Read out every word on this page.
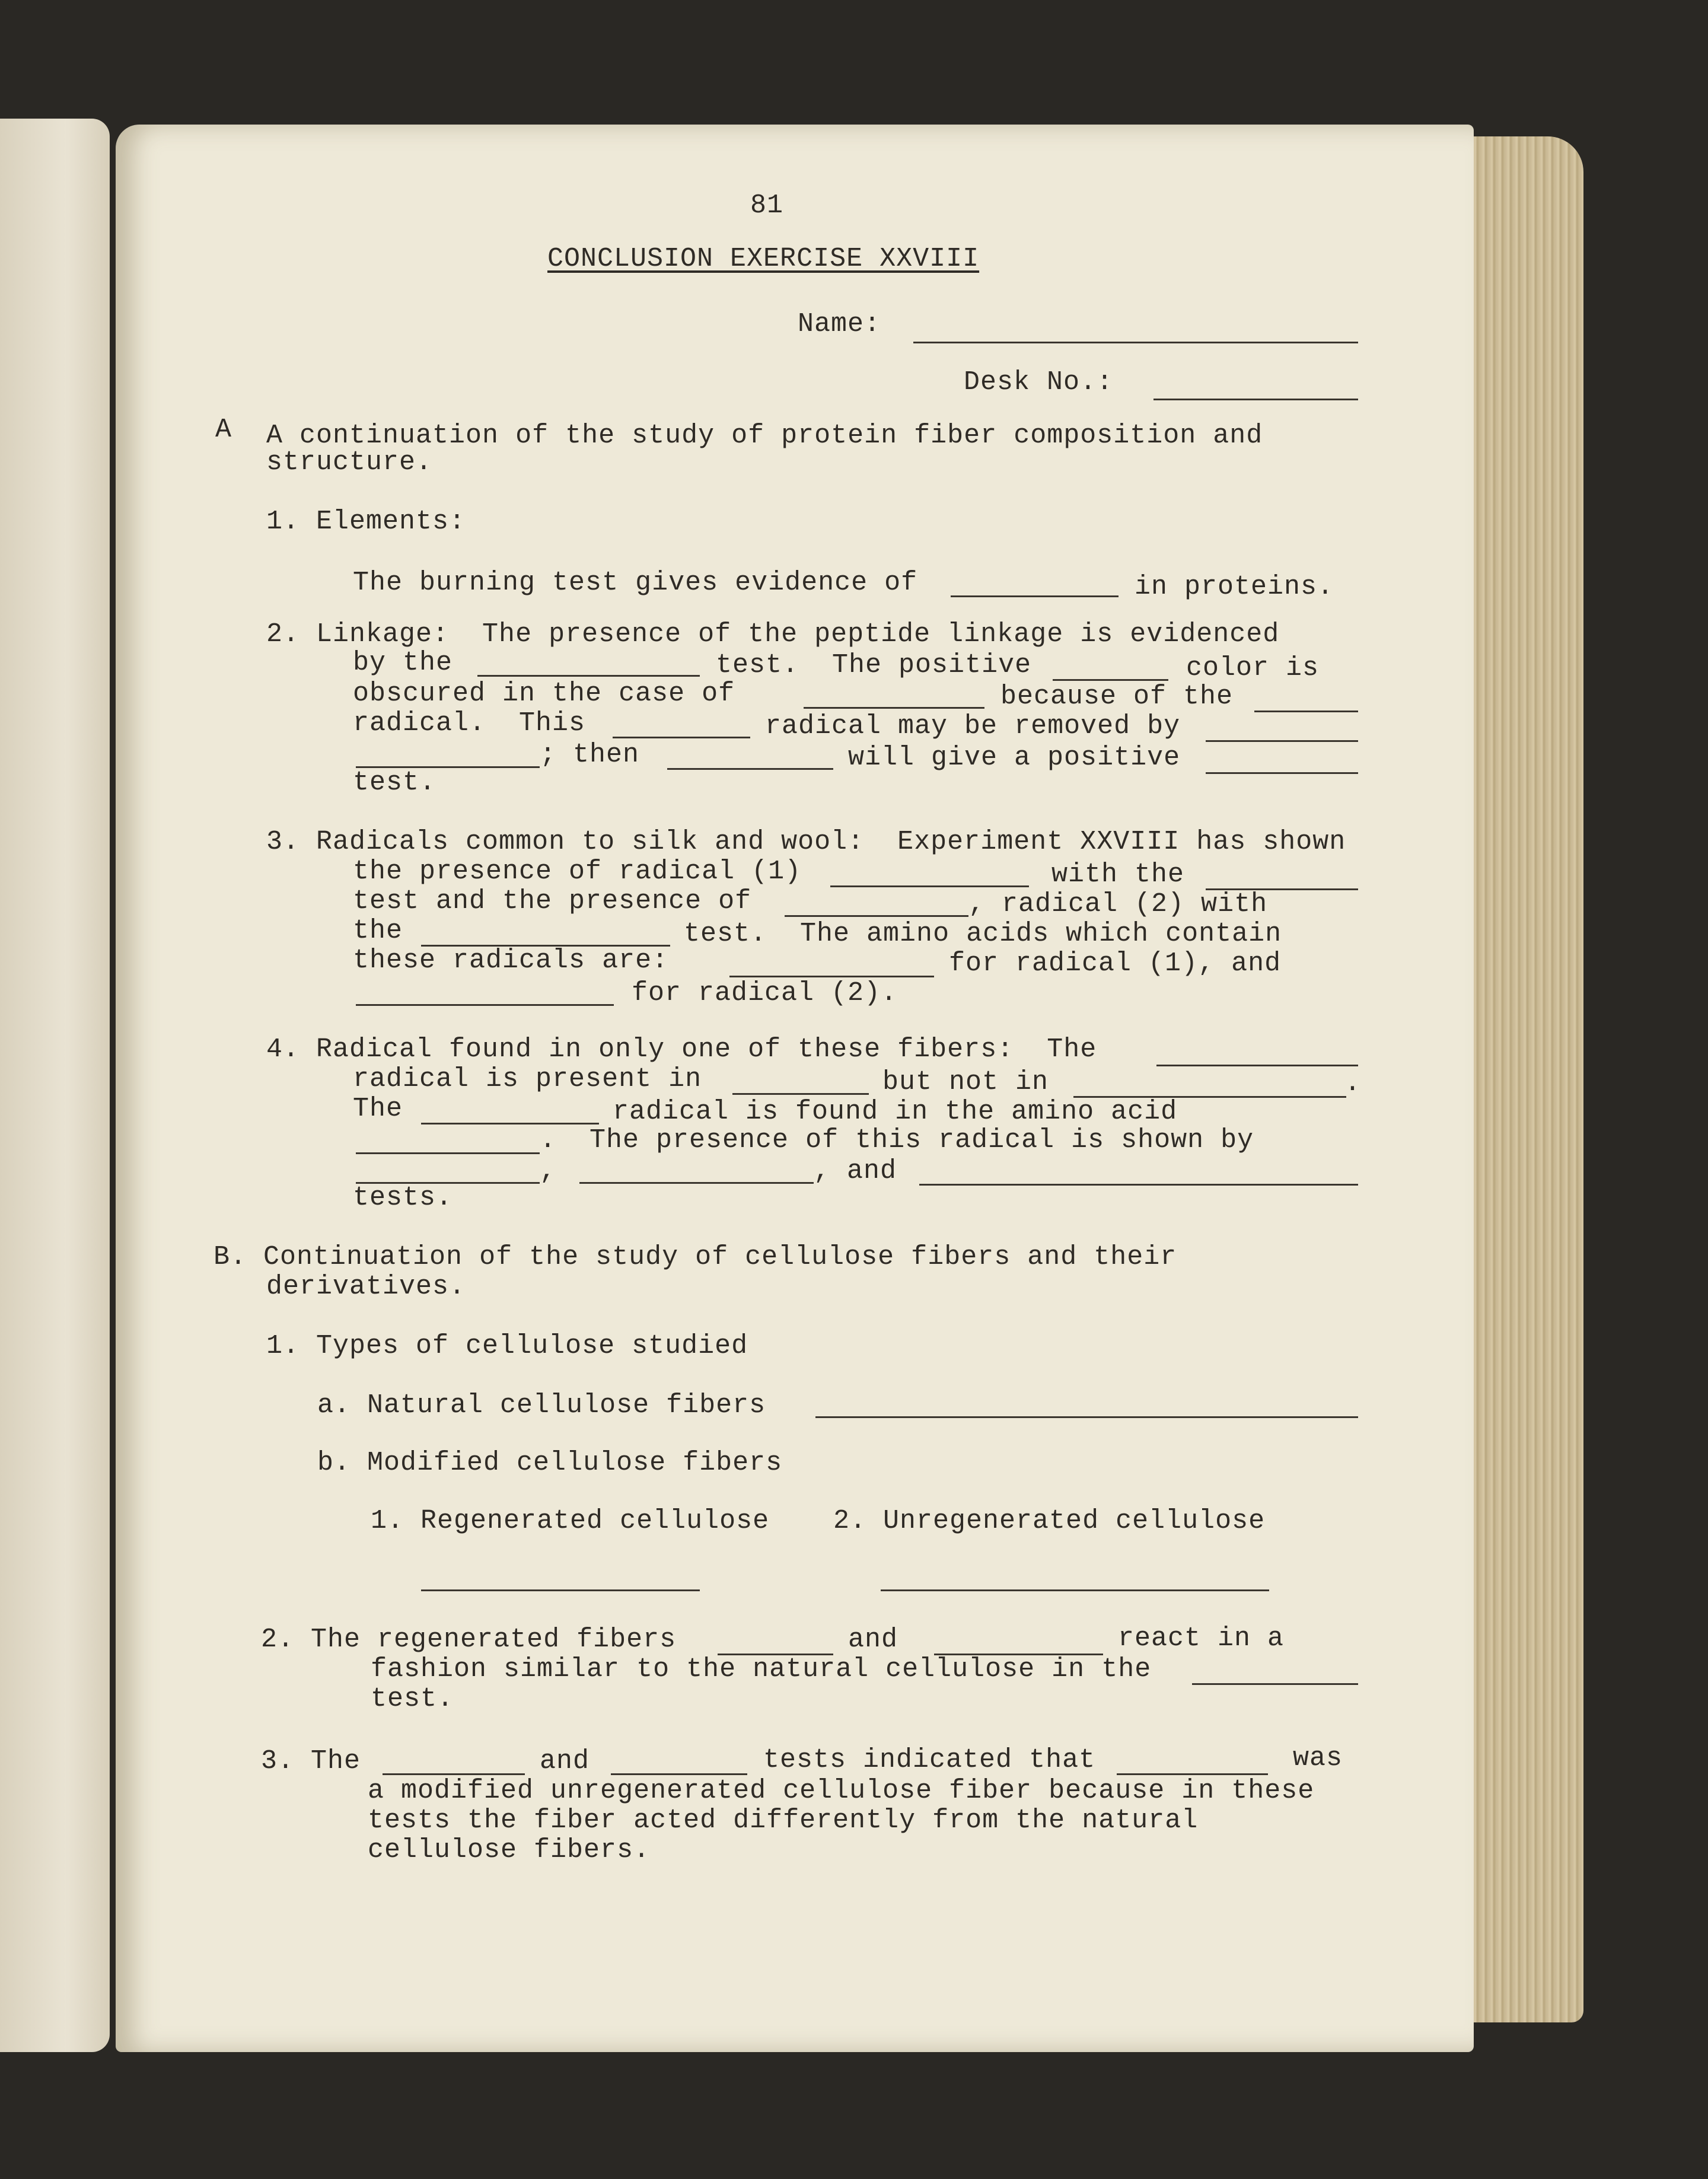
81
CONCLUSION EXERCISE XXVIII
Name:
Desk No.:
A A continuation of the study of protein fiber composition and
structure.
1. Elements:
The burning test gives evidence of	in proteins.
2. Linkage:  The presence of the peptide linkage is evidenced
by the	test.  The positive	color is
obscured in the case of	because of the
radical.  This	radical may be removed by
; then	will give a positive
test.
3. Radicals common to silk and wool:  Experiment XXVIII has shown
the presence of radical (1)	with the
test and the presence of	, radical (2) with
the	test.  The amino acids which contain
these radicals are:	for radical (1), and
for radical (2).
4. Radical found in only one of these fibers:  The
radical is present in	but not in	.
The	radical is found in the amino acid
.  The presence of this radical is shown by
,	, and
tests.
B. Continuation of the study of cellulose fibers and their
derivatives.
1. Types of cellulose studied
a. Natural cellulose fibers
b. Modified cellulose fibers
1. Regenerated cellulose 2. Unregenerated cellulose
2. The regenerated fibers	and	react in a
fashion similar to the natural cellulose in the
test.
3. The	and	tests indicated that	was
a modified unregenerated cellulose fiber because in these
tests the fiber acted differently from the natural
cellulose fibers.
